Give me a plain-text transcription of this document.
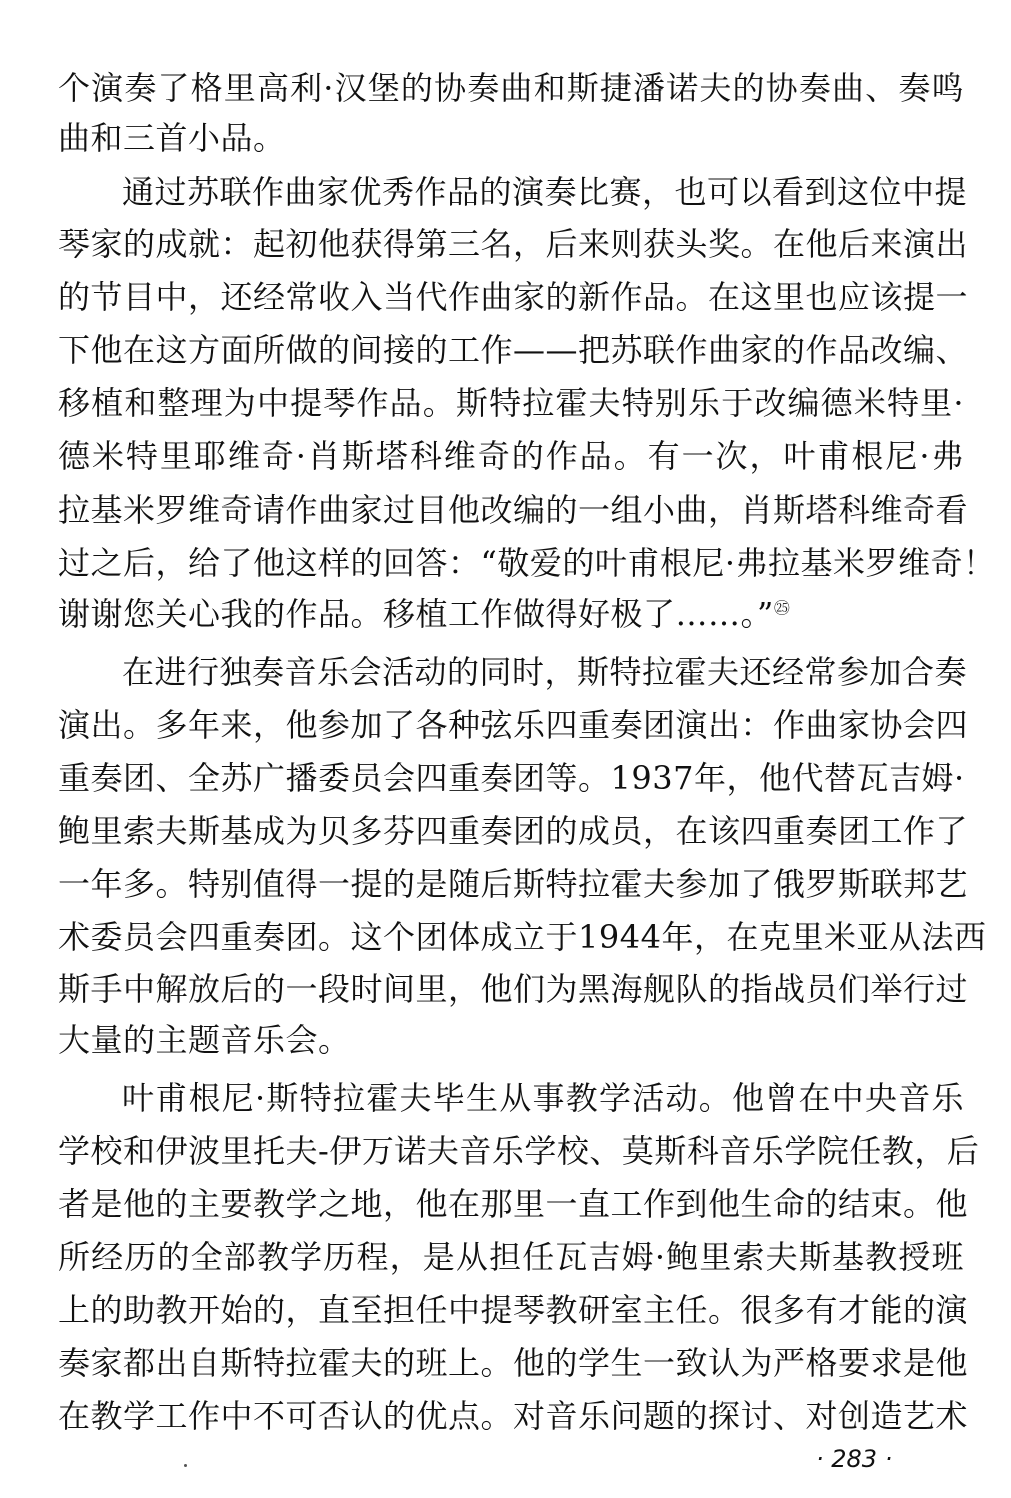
个演奏了格里高利·汉堡的协奏曲和斯捷潘诺夫的协奏曲、奏鸣
曲和三首小品。
通过苏联作曲家优秀作品的演奏比赛，也可以看到这位中提
琴家的成就：起初他获得第三名，后来则获头奖。在他后来演出
的节目中，还经常收入当代作曲家的新作品。在这里也应该提一
下他在这方面所做的间接的工作——把苏联作曲家的作品改编、
移植和整理为中提琴作品。斯特拉霍夫特别乐于改编德米特里·
德米特里耶维奇·肖斯塔科维奇的作品。有一次，叶甫根尼·弗
拉基米罗维奇请作曲家过目他改编的一组小曲，肖斯塔科维奇看
过之后，给了他这样的回答：“敬爱的叶甫根尼·弗拉基米罗维奇！
谢谢您关心我的作品。移植工作做得好极了……。”$^㉕$
在进行独奏音乐会活动的同时，斯特拉霍夫还经常参加合奏
演出。多年来，他参加了各种弦乐四重奏团演出：作曲家协会四
重奏团、全苏广播委员会四重奏团等。1937年，他代替瓦吉姆·
鲍里索夫斯基成为贝多芬四重奏团的成员，在该四重奏团工作了
一年多。特别值得一提的是随后斯特拉霍夫参加了俄罗斯联邦艺
术委员会四重奏团。这个团体成立于1944年，在克里米亚从法西
斯手中解放后的一段时间里，他们为黑海舰队的指战员们举行过
大量的主题音乐会。
叶甫根尼·斯特拉霍夫毕生从事教学活动。他曾在中央音乐
学校和伊波里托夫-伊万诺夫音乐学校、莫斯科音乐学院任教，后
者是他的主要教学之地，他在那里一直工作到他生命的结束。他
所经历的全部教学历程，是从担任瓦吉姆·鲍里索夫斯基教授班
上的助教开始的，直至担任中提琴教研室主任。很多有才能的演
奏家都出自斯特拉霍夫的班上。他的学生一致认为严格要求是他
在教学工作中不可否认的优点。对音乐问题的探讨、对创造艺术
· 283 ·
